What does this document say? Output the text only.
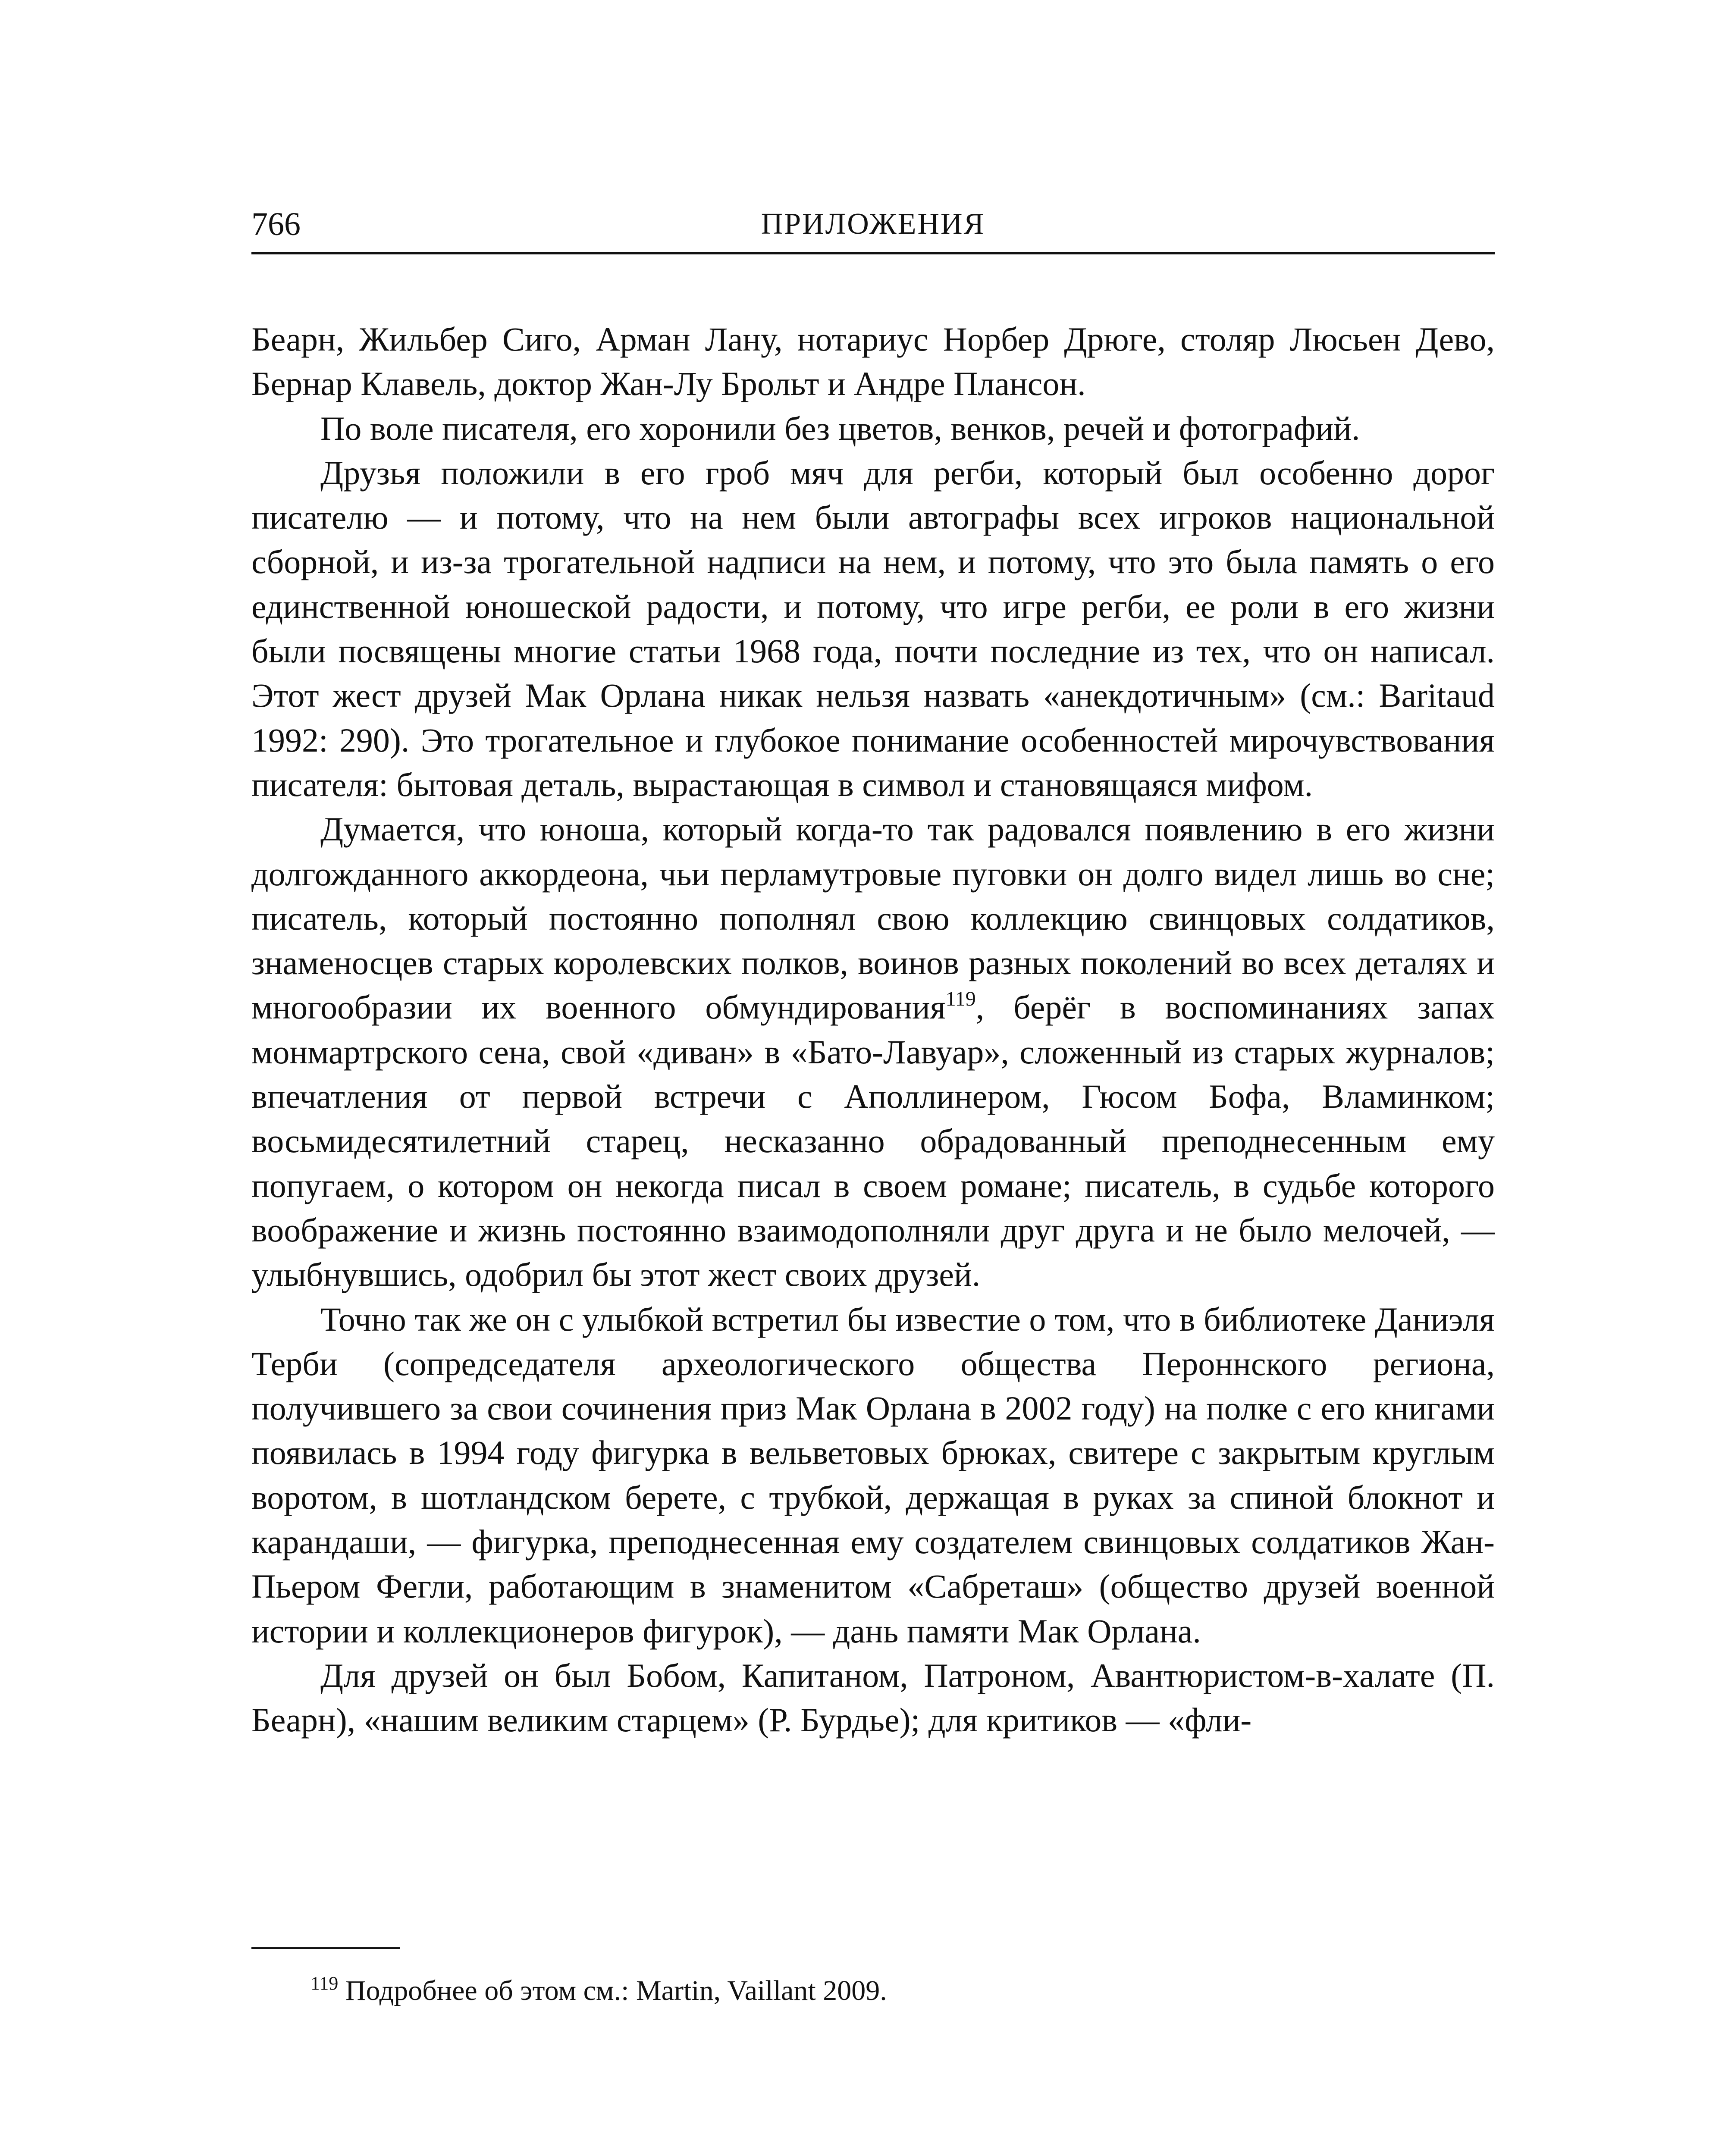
766	ПРИЛОЖЕНИЯ

Беарн, Жильбер Сиго, Арман Лану, нотариус Норбер Дрюге, столяр Люсьен Дево, Бернар Клавель, доктор Жан-Лу Брольт и Андре Плансон.

По воле писателя, его хоронили без цветов, венков, речей и фотографий.

Друзья положили в его гроб мяч для регби, который был особенно дорог писателю — и потому, что на нем были автографы всех игроков национальной сборной, и из-за трогательной надписи на нем, и потому, что это была память о его единственной юношеской радости, и потому, что игре регби, ее роли в его жизни были посвящены многие статьи 1968 года, почти последние из тех, что он написал. Этот жест друзей Мак Орлана никак нельзя назвать «анекдотичным» (см.: Baritaud 1992: 290). Это трогательное и глубокое понимание особенностей мирочувствования писателя: бытовая деталь, вырастающая в символ и становящаяся мифом.

Думается, что юноша, который когда-то так радовался появлению в его жизни долгожданного аккордеона, чьи перламутровые пуговки он долго видел лишь во сне; писатель, который постоянно пополнял свою коллекцию свинцовых солдатиков, знаменосцев старых королевских полков, воинов разных поколений во всех деталях и многообразии их военного обмундирования$^{119}$, берёг в воспоминаниях запах монмартрского сена, свой «диван» в «Бато-Лавуар», сложенный из старых журналов; впечатления от первой встречи с Аполлинером, Гюсом Бофа, Вламинком; восьмидесятилетний старец, несказанно обрадованный преподнесенным ему попугаем, о котором он некогда писал в своем романе; писатель, в судьбе которого воображение и жизнь постоянно взаимодополняли друг друга и не было мелочей, — улыбнувшись, одобрил бы этот жест своих друзей.

Точно так же он с улыбкой встретил бы известие о том, что в библиотеке Даниэля Терби (сопредседателя археологического общества Пероннского региона, получившего за свои сочинения приз Мак Орлана в 2002 году) на полке с его книгами появилась в 1994 году фигурка в вельветовых брюках, свитере с закрытым круглым воротом, в шотландском берете, с трубкой, держащая в руках за спиной блокнот и карандаши, — фигурка, преподнесенная ему создателем свинцовых солдатиков Жан-Пьером Фегли, работающим в знаменитом «Сабреташ» (общество друзей военной истории и коллекционеров фигурок), — дань памяти Мак Орлана.

Для друзей он был Бобом, Капитаном, Патроном, Авантюристом-в-халате (П. Беарн), «нашим великим старцем» (Р. Бурдье); для критиков — «фли-

$^{119}$ Подробнее об этом см.: Martin, Vaillant 2009.
